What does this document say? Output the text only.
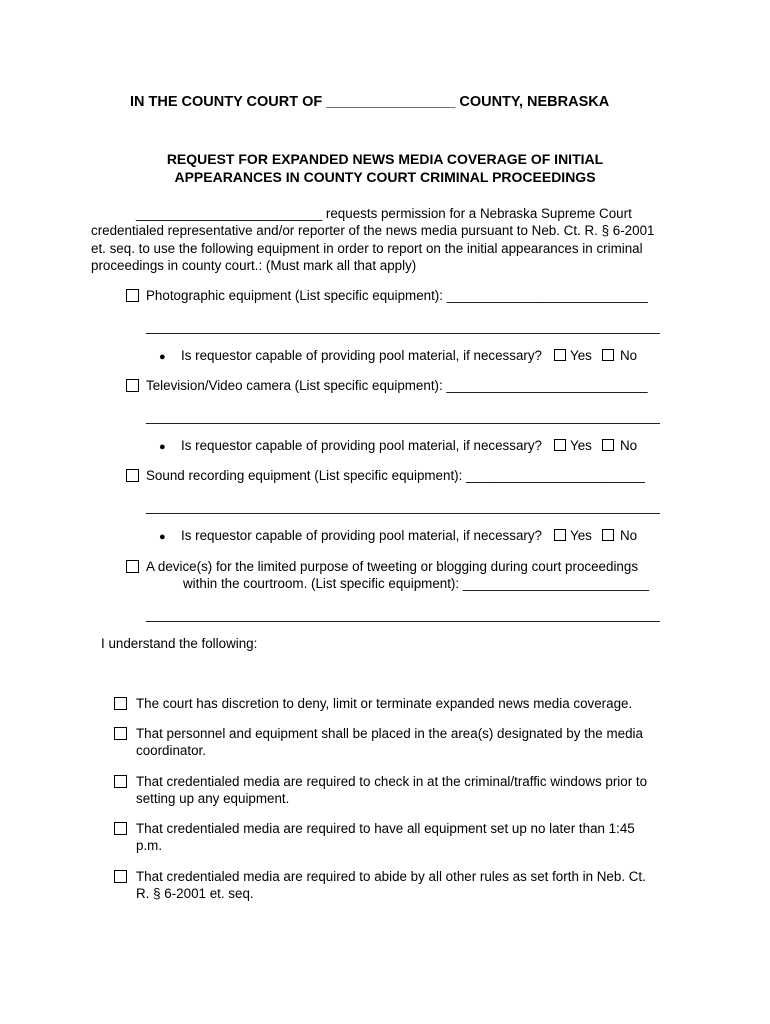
IN THE COUNTY COURT OF ________________ COUNTY, NEBRASKA
REQUEST FOR EXPANDED NEWS MEDIA COVERAGE OF INITIAL
APPEARANCES IN COUNTY COURT CRIMINAL PROCEEDINGS
_________________________ requests permission for a Nebraska Supreme Court
credentialed representative and/or reporter of the news media pursuant to Neb. Ct. R. § 6-2001
et. seq. to use the following equipment in order to report on the initial appearances in criminal
proceedings in county court.: (Must mark all that apply)
Photographic equipment (List specific equipment): ___________________________
_____________________________________________________________________
● Is requestor capable of providing pool material, if necessary? Yes No
Television/Video camera (List specific equipment): ___________________________
_____________________________________________________________________
● Is requestor capable of providing pool material, if necessary? Yes No
Sound recording equipment (List specific equipment): ________________________
_____________________________________________________________________
● Is requestor capable of providing pool material, if necessary? Yes No
A device(s) for the limited purpose of tweeting or blogging during court proceedings
within the courtroom. (List specific equipment): _________________________
_____________________________________________________________________
I understand the following:
The court has discretion to deny, limit or terminate expanded news media coverage.
That personnel and equipment shall be placed in the area(s) designated by the media
coordinator.
That credentialed media are required to check in at the criminal/traffic windows prior to
setting up any equipment.
That credentialed media are required to have all equipment set up no later than 1:45
p.m.
That credentialed media are required to abide by all other rules as set forth in Neb. Ct.
R. § 6-2001 et. seq.
